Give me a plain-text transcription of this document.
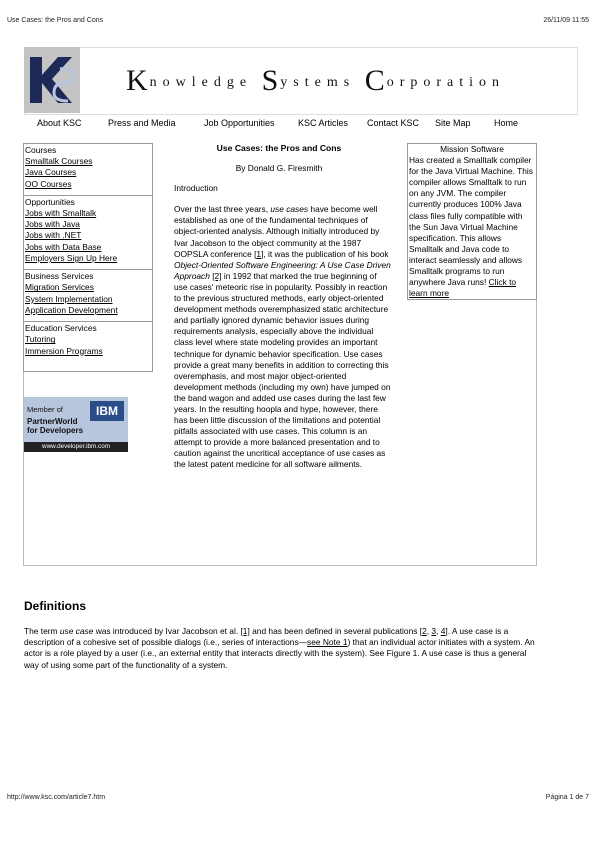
Use Cases: the Pros and Cons	26/11/09 11:55
http://www.ksc.com/article7.htm	Página 1 de 7
Knowledge Systems Corporation
About KSC	Press and Media	Job Opportunities	KSC Articles Contact KSC Site Map	Home
Courses
Smalltalk Courses
Java Courses
OO Courses
Opportunities
Jobs with Smalltalk
Jobs with Java
Jobs with .NET
Jobs with Data Base
Employers Sign Up Here
Business Services
Migration Services
System Implementation
Application Development
Education Services
Tutoring
Immersion Programs
Member of
PartnerWorld
for Developers
IBM
www.developer.ibm.com
Use Cases: the Pros and Cons
By Donald G. Firesmith
Introduction
Over the last three years, use cases have become well established as one of the fundamental techniques of object-oriented analysis. Although initially introduced by Ivar Jacobson to the object community at the 1987 OOPSLA conference [1], it was the publication of his book Object-Oriented Software Engineering: A Use Case Driven Approach [2] in 1992 that marked the true beginning of use cases' meteoric rise in popularity. Possibly in reaction to the previous structured methods, early object-oriented development methods overemphasized static architecture and partially ignored dynamic behavior issues during requirements analysis, especially above the individual class level where state modeling provides an important technique for dynamic behavior specification. Use cases provide a great many benefits in addition to correcting this overemphasis, and most major object-oriented development methods (including my own) have jumped on the band wagon and added use cases during the last few years. In the resulting hoopla and hype, however, there has been little discussion of the limitations and potential pitfalls associated with use cases. This column is an attempt to provide a more balanced presentation and to caution against the uncritical acceptance of use cases as the latest patent medicine for all software ailments.
Mission Software
Has created a Smalltalk compiler for the Java Virtual Machine. This compiler allows Smalltalk to run on any JVM. The compiler currently produces 100% Java class files fully compatible with the Sun Java Virtual Machine specification. This allows Smalltalk and Java code to interact seamlessly and allows Smalltalk programs to run anywhere Java runs! Click to learn more
Definitions
The term use case was introduced by Ivar Jacobson et al. [1] and has been defined in several publications [2, 3, 4]. A use case is a description of a cohesive set of possible dialogs (i.e., series of interactions—see Note 1) that an individual actor initiates with a system. An actor is a role played by a user (i.e., an external entity that interacts directly with the system). See Figure 1. A use case is thus a general way of using some part of the functionality of a system.
